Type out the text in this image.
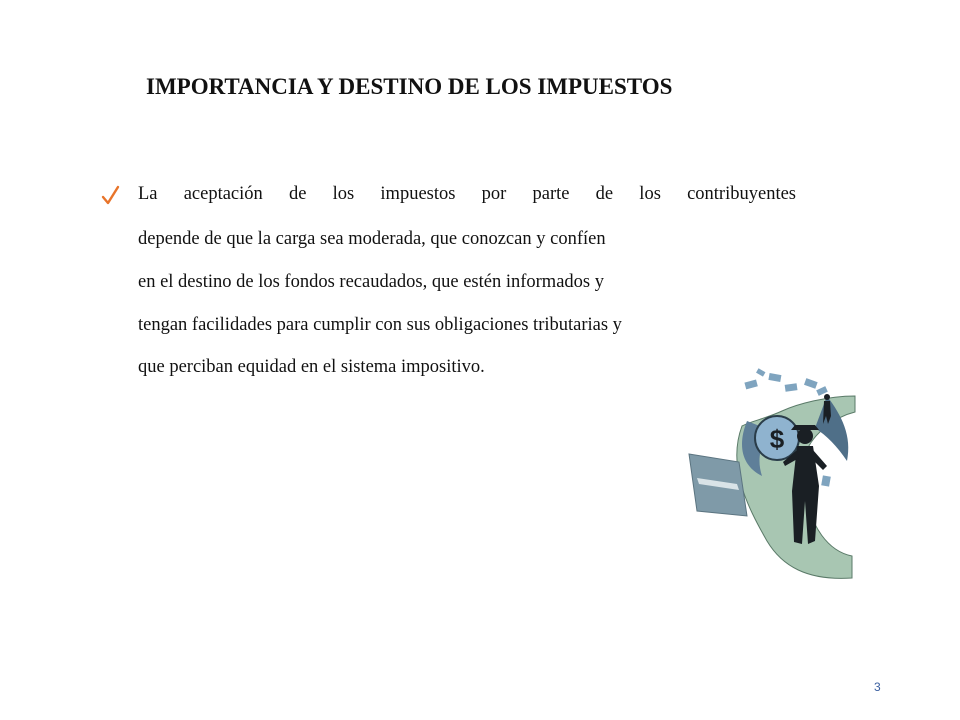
IMPORTANCIA Y DESTINO DE LOS IMPUESTOS
La aceptación de los impuestos por parte de los contribuyentes
depende de que la carga sea moderada, que conozcan y confíen
en el destino de los fondos recaudados, que estén informados y
tengan facilidades para cumplir con sus obligaciones tributarias y
que perciban equidad en el sistema impositivo.
$
3
